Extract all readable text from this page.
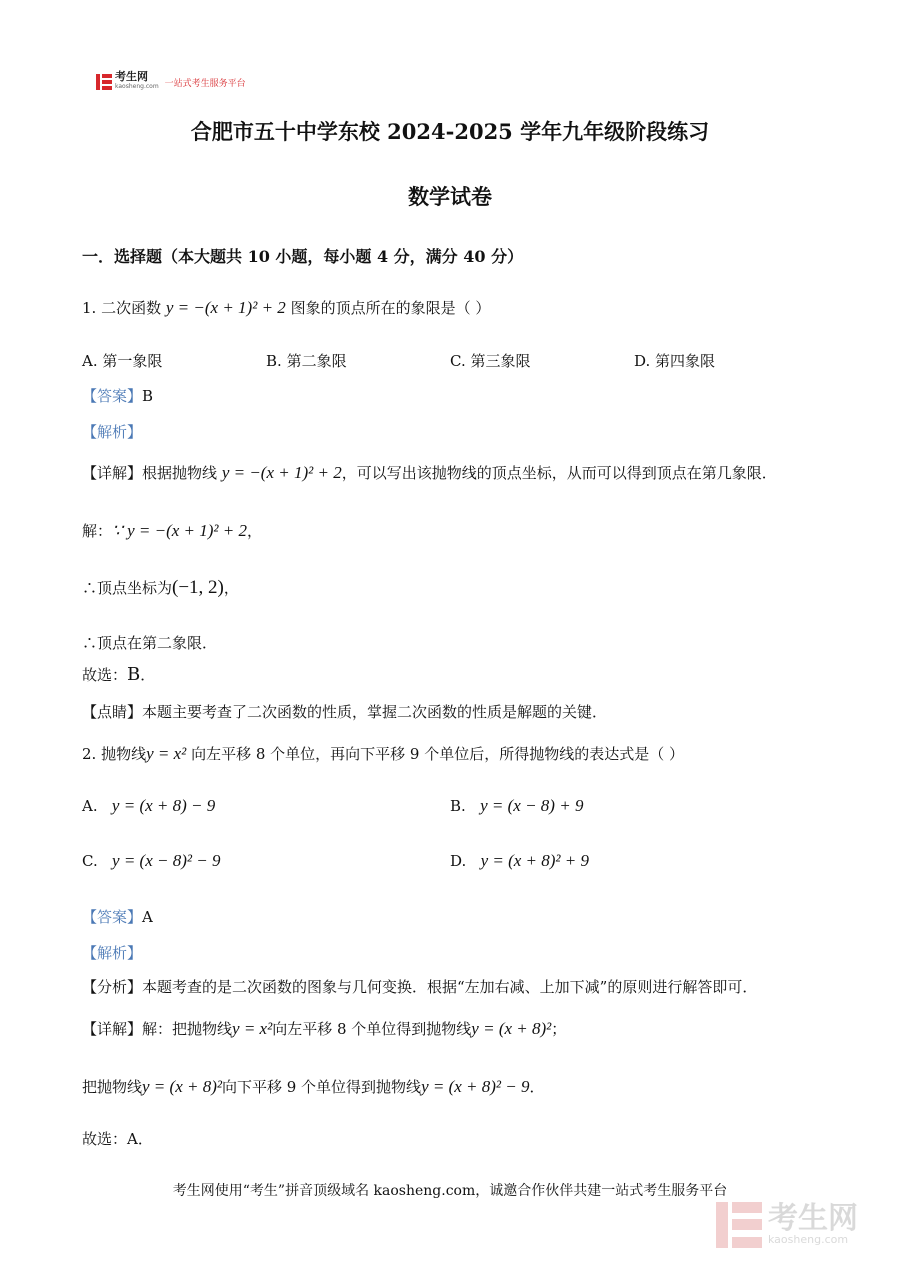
考生网
kaosheng.com 一站式考生服务平台
合肥市五十中学东校 2024-2025 学年九年级阶段练习
数学试卷
一．选择题（本大题共 10 小题，每小题 4 分，满分 40 分）
1. 二次函数 y = −(x + 1)² + 2 图象的顶点所在的象限是（ ）
A. 第一象限	B. 第二象限	C. 第三象限	D. 第四象限
【答案】B
【解析】
【详解】根据抛物线 y = −(x + 1)² + 2，可以写出该抛物线的顶点坐标，从而可以得到顶点在第几象限．
解：∵ y = −(x + 1)² + 2，
∴顶点坐标为(−1, 2)，
∴顶点在第二象限．
故选：B．
【点睛】本题主要考查了二次函数的性质，掌握二次函数的性质是解题的关键．
2. 抛物线y = x² 向左平移 8 个单位，再向下平移 9 个单位后，所得抛物线的表达式是（ ）
A. y = (x + 8) − 9	B. y = (x − 8) + 9
C. y = (x − 8)² − 9	D. y = (x + 8)² + 9
【答案】A
【解析】
【分析】本题考查的是二次函数的图象与几何变换．根据“左加右减、上加下减”的原则进行解答即可．
【详解】解：把抛物线y = x²向左平移 8 个单位得到抛物线y = (x + 8)²；
把抛物线y = (x + 8)²向下平移 9 个单位得到抛物线y = (x + 8)² − 9．
故选：A．
考生网使用“考生”拼音顶级域名 kaosheng.com，诚邀合作伙伴共建一站式考生服务平台
考生网
kaosheng.com
